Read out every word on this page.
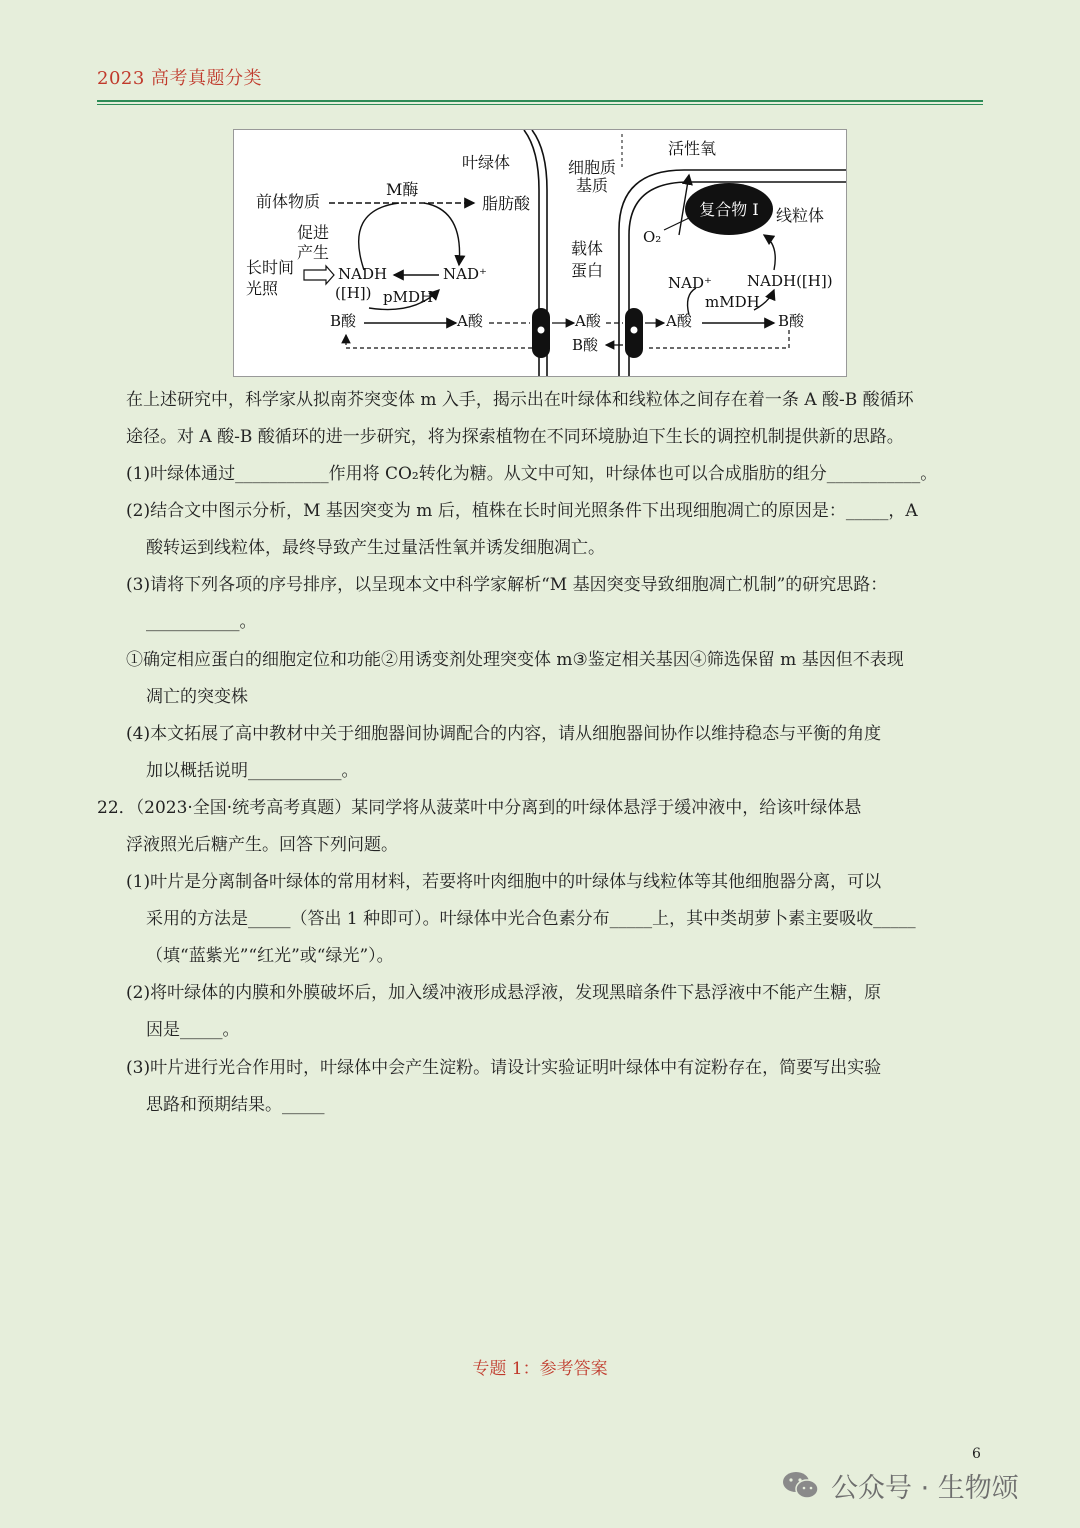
2023 高考真题分类
叶绿体	细胞质
基质
活性氧
前体物质
M酶
脂肪酸
促进
产生
长时间
光照
NADH
([H])
NAD⁺
pMDH
B酸	A酸
载体
蛋白
A酸
B酸
复合物 I	线粒体
O₂
NAD⁺ NADH([H])
mMDH
A酸	B酸
在上述研究中，科学家从拟南芥突变体 m 入手，揭示出在叶绿体和线粒体之间存在着一条 A 酸-B 酸循环
途径。对 A 酸-B 酸循环的进一步研究，将为探索植物在不同环境胁迫下生长的调控机制提供新的思路。
(1)叶绿体通过___________作用将 CO₂转化为糖。从文中可知，叶绿体也可以合成脂肪的组分___________。
(2)结合文中图示分析，M 基因突变为 m 后，植株在长时间光照条件下出现细胞凋亡的原因是：_____，A
酸转运到线粒体，最终导致产生过量活性氧并诱发细胞凋亡。
(3)请将下列各项的序号排序，以呈现本文中科学家解析“M 基因突变导致细胞凋亡机制”的研究思路：
___________。
①确定相应蛋白的细胞定位和功能②用诱变剂处理突变体 m③鉴定相关基因④筛选保留 m 基因但不表现
凋亡的突变株
(4)本文拓展了高中教材中关于细胞器间协调配合的内容，请从细胞器间协作以维持稳态与平衡的角度
加以概括说明___________。
22．（2023·全国·统考高考真题）某同学将从菠菜叶中分离到的叶绿体悬浮于缓冲液中，给该叶绿体悬
浮液照光后糖产生。回答下列问题。
(1)叶片是分离制备叶绿体的常用材料，若要将叶肉细胞中的叶绿体与线粒体等其他细胞器分离，可以
采用的方法是_____（答出 1 种即可）。叶绿体中光合色素分布_____上，其中类胡萝卜素主要吸收_____
（填“蓝紫光”“红光”或“绿光”）。
(2)将叶绿体的内膜和外膜破坏后，加入缓冲液形成悬浮液，发现黑暗条件下悬浮液中不能产生糖，原
因是_____。
(3)叶片进行光合作用时，叶绿体中会产生淀粉。请设计实验证明叶绿体中有淀粉存在，简要写出实验
思路和预期结果。_____
专题 1：参考答案
6
公众号 · 生物颂
